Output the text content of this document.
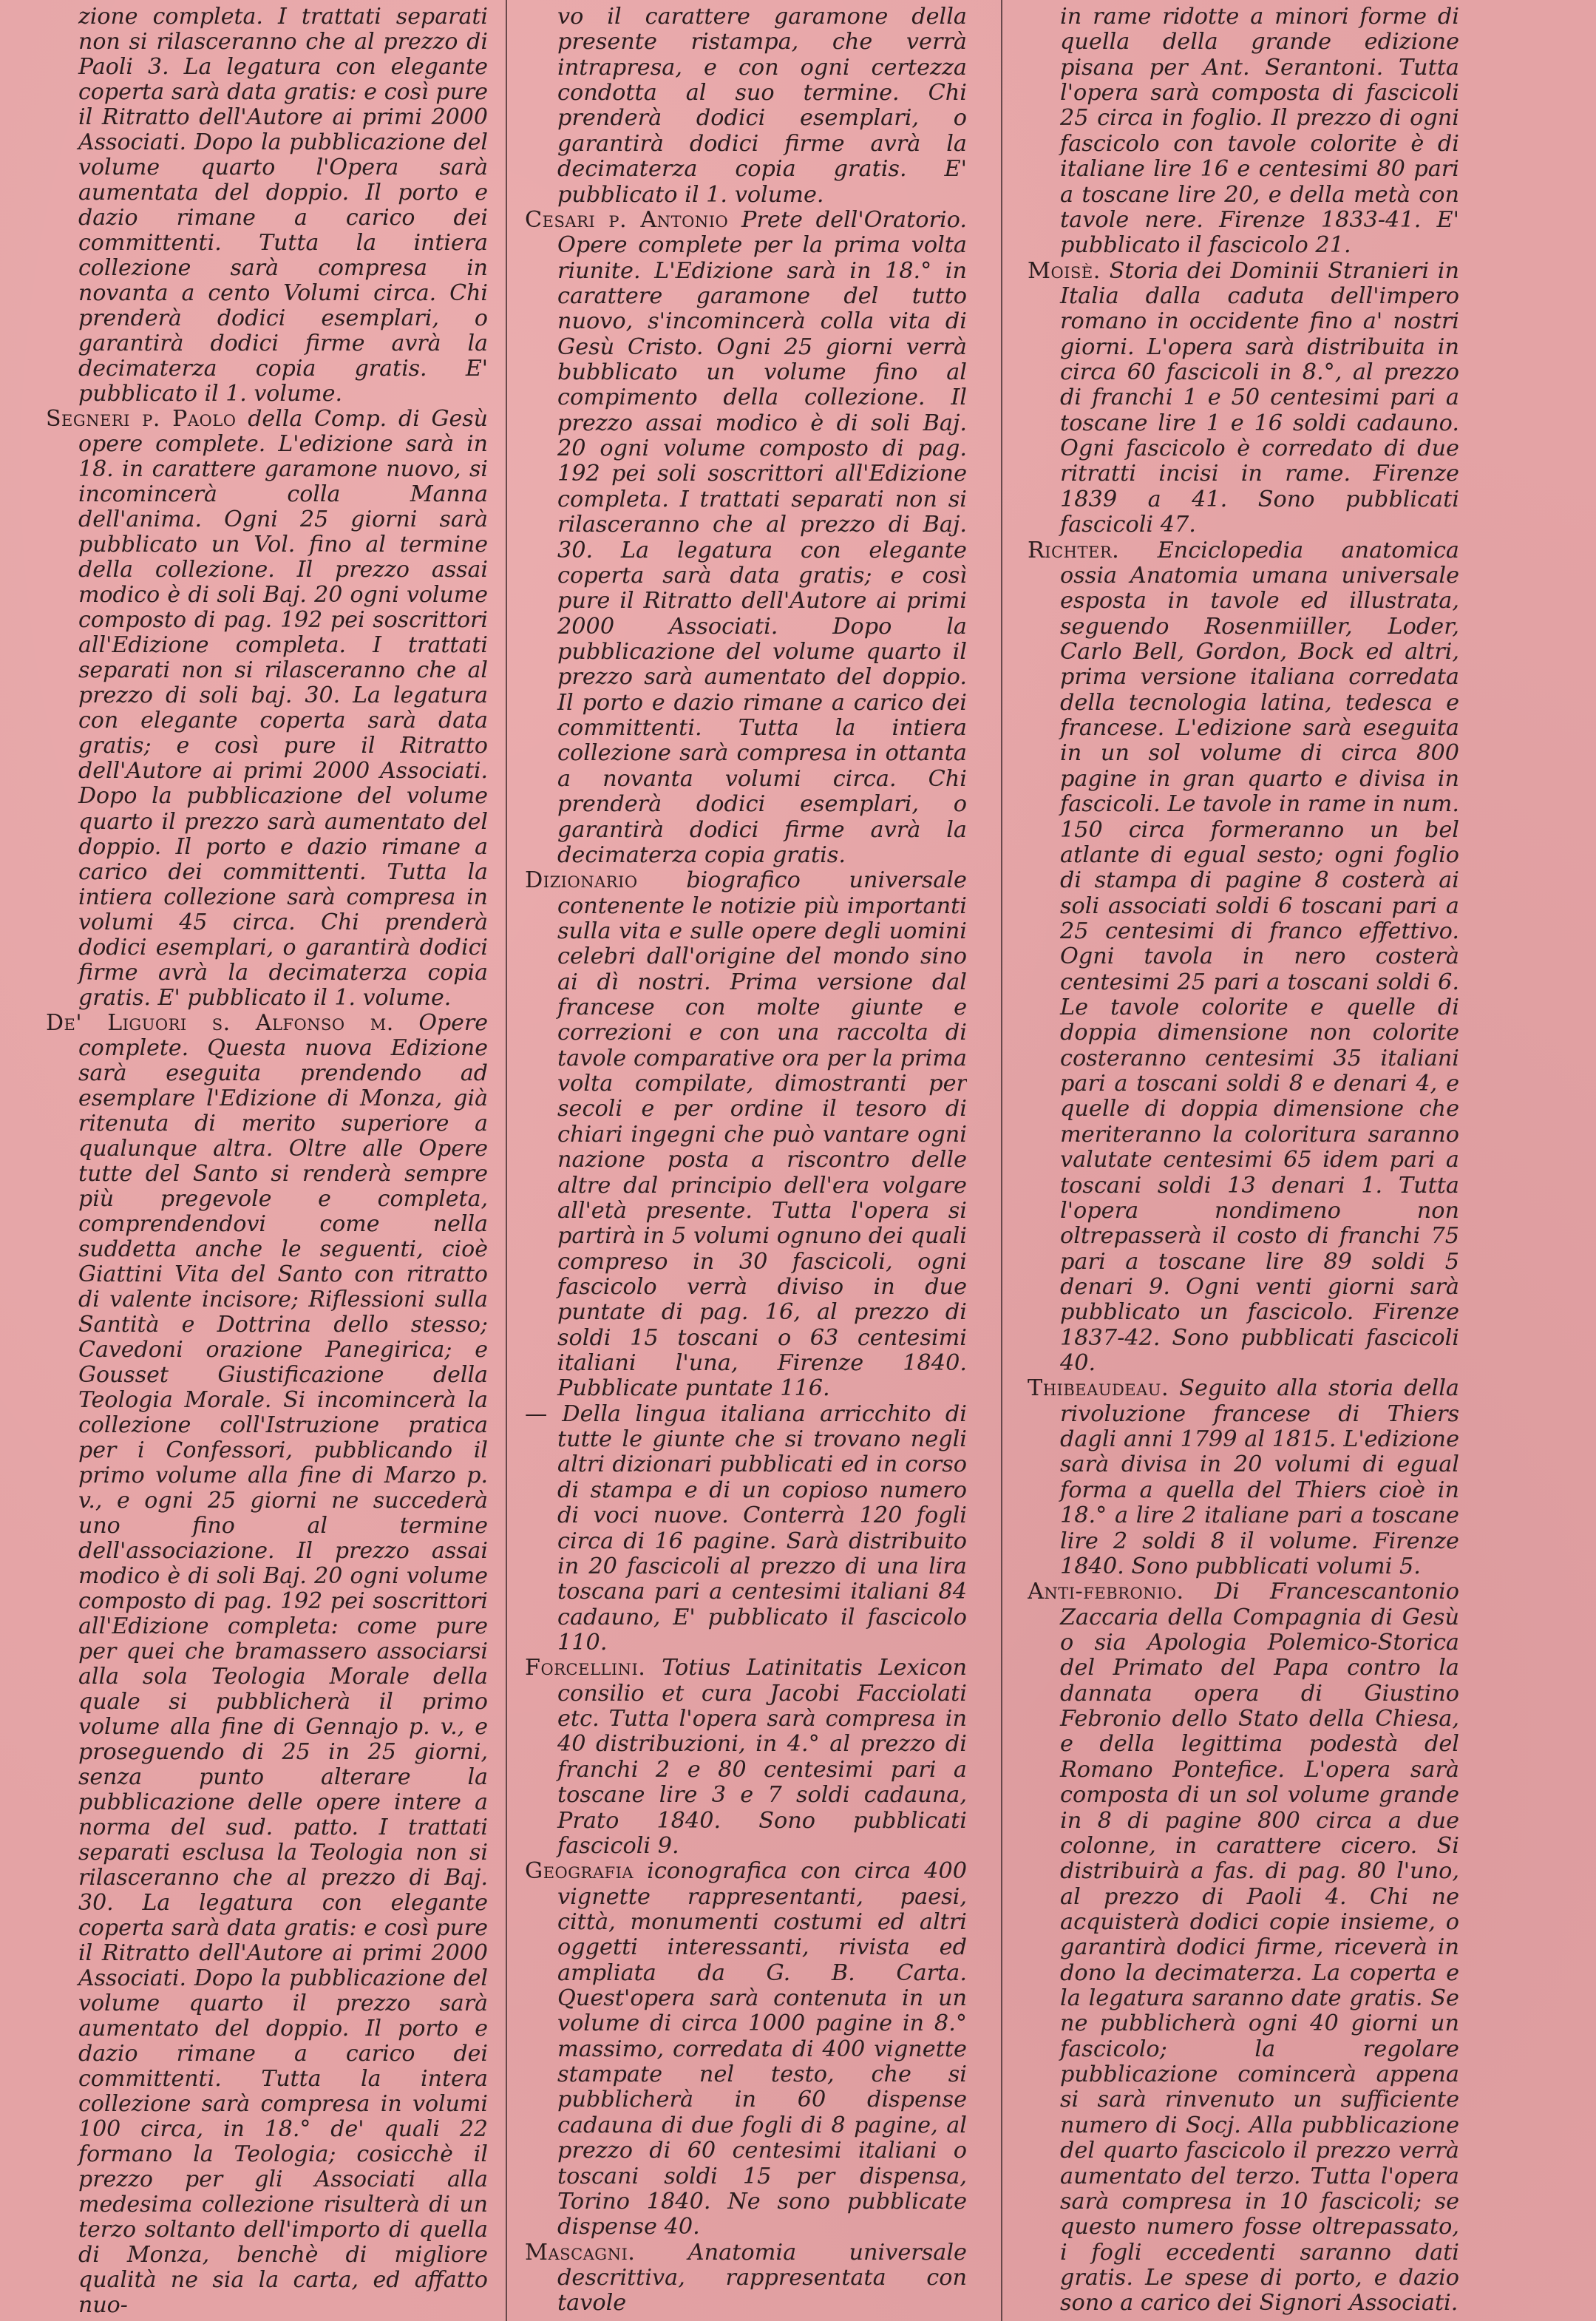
zione completa. I trattati separati non si rilasceranno che al prezzo di Paoli 3. La legatura con elegante coperta sarà data gratis: e così pure il Ritratto dell'Autore ai primi 2000 Associati. Dopo la pubblicazione del volume quarto l'Opera sarà aumentata del doppio. Il porto e dazio rimane a carico dei committenti. Tutta la intiera collezione sarà compresa in novanta a cento Volumi circa. Chi prenderà dodici esemplari, o garantirà dodici firme avrà la decimaterza copia gratis. E' pubblicato il 1. volume.

Segneri p. Paolo della Comp. di Gesù opere complete. L'edizione sarà in 18. in carattere garamone nuovo, si incomincerà colla Manna dell'anima. Ogni 25 giorni sarà pubblicato un Vol. fino al termine della collezione. Il prezzo assai modico è di soli Baj. 20 ogni volume composto di pag. 192 pei soscrittori all'Edizione completa. I trattati separati non si rilasceranno che al prezzo di soli baj. 30. La legatura con elegante coperta sarà data gratis; e così pure il Ritratto dell'Autore ai primi 2000 Associati. Dopo la pubblicazione del volume quarto il prezzo sarà aumentato del doppio. Il porto e dazio rimane a carico dei committenti. Tutta la intiera collezione sarà compresa in volumi 45 circa. Chi prenderà dodici esemplari, o garantirà dodici firme avrà la decimaterza copia gratis. E' pubblicato il 1. volume.

De' Liguori s. Alfonso m. Opere complete. Questa nuova Edizione sarà eseguita prendendo ad esemplare l'Edizione di Monza, già ritenuta di merito superiore a qualunque altra. Oltre alle Opere tutte del Santo si renderà sempre più pregevole e completa, comprendendovi come nella suddetta anche le seguenti, cioè Giattini Vita del Santo con ritratto di valente incisore; Riflessioni sulla Santità e Dottrina dello stesso; Cavedoni orazione Panegirica; e Gousset Giustificazione della Teologia Morale. Si incomincerà la collezione coll'Istruzione pratica per i Confessori, pubblicando il primo volume alla fine di Marzo p. v., e ogni 25 giorni ne succederà uno fino al termine dell'associazione. Il prezzo assai modico è di soli Baj. 20 ogni volume composto di pag. 192 pei soscrittori all'Edizione completa: come pure per quei che bramassero associarsi alla sola Teologia Morale della quale si pubblicherà il primo volume alla fine di Gennajo p. v., e proseguendo di 25 in 25 giorni, senza punto alterare la pubblicazione delle opere intere a norma del sud. patto. I trattati separati esclusa la Teologia non si rilasceranno che al prezzo di Baj. 30. La legatura con elegante coperta sarà data gratis: e così pure il Ritratto dell'Autore ai primi 2000 Associati. Dopo la pubblicazione del volume quarto il prezzo sarà aumentato del doppio. Il porto e dazio rimane a carico dei committenti. Tutta la intera collezione sarà compresa in volumi 100 circa, in 18.° de' quali 22 formano la Teologia; cosicchè il prezzo per gli Associati alla medesima collezione risulterà di un terzo soltanto dell'importo di quella di Monza, benchè di migliore qualità ne sia la carta, ed affatto nuo-

vo il carattere garamone della presente ristampa, che verrà intrapresa, e con ogni certezza condotta al suo termine. Chi prenderà dodici esemplari, o garantirà dodici firme avrà la decimaterza copia gratis. E' pubblicato il 1. volume.

Cesari p. Antonio Prete dell'Oratorio. Opere complete per la prima volta riunite. L'Edizione sarà in 18.° in carattere garamone del tutto nuovo, s'incomincerà colla vita di Gesù Cristo. Ogni 25 giorni verrà bubblicato un volume fino al compimento della collezione. Il prezzo assai modico è di soli Baj. 20 ogni volume composto di pag. 192 pei soli soscrittori all'Edizione completa. I trattati separati non si rilasceranno che al prezzo di Baj. 30. La legatura con elegante coperta sarà data gratis; e così pure il Ritratto dell'Autore ai primi 2000 Associati. Dopo la pubblicazione del volume quarto il prezzo sarà aumentato del doppio. Il porto e dazio rimane a carico dei committenti. Tutta la intiera collezione sarà compresa in ottanta a novanta volumi circa. Chi prenderà dodici esemplari, o garantirà dodici firme avrà la decimaterza copia gratis.

Dizionario biografico universale contenente le notizie più importanti sulla vita e sulle opere degli uomini celebri dall'origine del mondo sino ai dì nostri. Prima versione dal francese con molte giunte e correzioni e con una raccolta di tavole comparative ora per la prima volta compilate, dimostranti per secoli e per ordine il tesoro di chiari ingegni che può vantare ogni nazione posta a riscontro delle altre dal principio dell'era volgare all'età presente. Tutta l'opera si partirà in 5 volumi ognuno dei quali compreso in 30 fascicoli, ogni fascicolo verrà diviso in due puntate di pag. 16, al prezzo di soldi 15 toscani o 63 centesimi italiani l'una, Firenze 1840. Pubblicate puntate 116.

— Della lingua italiana arricchito di tutte le giunte che si trovano negli altri dizionari pubblicati ed in corso di stampa e di un copioso numero di voci nuove. Conterrà 120 fogli circa di 16 pagine. Sarà distribuito in 20 fascicoli al prezzo di una lira toscana pari a centesimi italiani 84 cadauno, E' pubblicato il fascicolo 110.

Forcellini. Totius Latinitatis Lexicon consilio et cura Jacobi Facciolati etc. Tutta l'opera sarà compresa in 40 distribuzioni, in 4.° al prezzo di franchi 2 e 80 centesimi pari a toscane lire 3 e 7 soldi cadauna, Prato 1840. Sono pubblicati fascicoli 9.

Geografia iconografica con circa 400 vignette rappresentanti, paesi, città, monumenti costumi ed altri oggetti interessanti, rivista ed ampliata da G. B. Carta. Quest'opera sarà contenuta in un volume di circa 1000 pagine in 8.° massimo, corredata di 400 vignette stampate nel testo, che si pubblicherà in 60 dispense cadauna di due fogli di 8 pagine, al prezzo di 60 centesimi italiani o toscani soldi 15 per dispensa, Torino 1840. Ne sono pubblicate dispense 40.

Mascagni. Anatomia universale descrittiva, rappresentata con tavole

in rame ridotte a minori forme di quella della grande edizione pisana per Ant. Serantoni. Tutta l'opera sarà composta di fascicoli 25 circa in foglio. Il prezzo di ogni fascicolo con tavole colorite è di italiane lire 16 e centesimi 80 pari a toscane lire 20, e della metà con tavole nere. Firenze 1833-41. E' pubblicato il fascicolo 21.

Moisè. Storia dei Dominii Stranieri in Italia dalla caduta dell'impero romano in occidente fino a' nostri giorni. L'opera sarà distribuita in circa 60 fascicoli in 8.°, al prezzo di franchi 1 e 50 centesimi pari a toscane lire 1 e 16 soldi cadauno. Ogni fascicolo è corredato di due ritratti incisi in rame. Firenze 1839 a 41. Sono pubblicati fascicoli 47.

Richter. Enciclopedia anatomica ossia Anatomia umana universale esposta in tavole ed illustrata, seguendo Rosenmiiller, Loder, Carlo Bell, Gordon, Bock ed altri, prima versione italiana corredata della tecnologia latina, tedesca e francese. L'edizione sarà eseguita in un sol volume di circa 800 pagine in gran quarto e divisa in fascicoli. Le tavole in rame in num. 150 circa formeranno un bel atlante di egual sesto; ogni foglio di stampa di pagine 8 costerà ai soli associati soldi 6 toscani pari a 25 centesimi di franco effettivo. Ogni tavola in nero costerà centesimi 25 pari a toscani soldi 6. Le tavole colorite e quelle di doppia dimensione non colorite costeranno centesimi 35 italiani pari a toscani soldi 8 e denari 4, e quelle di doppia dimensione che meriteranno la coloritura saranno valutate centesimi 65 idem pari a toscani soldi 13 denari 1. Tutta l'opera nondimeno non oltrepasserà il costo di franchi 75 pari a toscane lire 89 soldi 5 denari 9. Ogni venti giorni sarà pubblicato un fascicolo. Firenze 1837-42. Sono pubblicati fascicoli 40.

Thibeaudeau. Seguito alla storia della rivoluzione francese di Thiers dagli anni 1799 al 1815. L'edizione sarà divisa in 20 volumi di egual forma a quella del Thiers cioè in 18.° a lire 2 italiane pari a toscane lire 2 soldi 8 il volume. Firenze 1840. Sono pubblicati volumi 5.

Anti-febronio. Di Francescantonio Zaccaria della Compagnia di Gesù o sia Apologia Polemico-Storica del Primato del Papa contro la dannata opera di Giustino Febronio dello Stato della Chiesa, e della legittima podestà del Romano Pontefice. L'opera sarà composta di un sol volume grande in 8 di pagine 800 circa a due colonne, in carattere cicero. Si distribuirà a fas. di pag. 80 l'uno, al prezzo di Paoli 4. Chi ne acquisterà dodici copie insieme, o garantirà dodici firme, riceverà in dono la decimaterza. La coperta e la legatura saranno date gratis. Se ne pubblicherà ogni 40 giorni un fascicolo; la regolare pubblicazione comincerà appena si sarà rinvenuto un sufficiente numero di Socj. Alla pubblicazione del quarto fascicolo il prezzo verrà aumentato del terzo. Tutta l'opera sarà compresa in 10 fascicoli; se questo numero fosse oltrepassato, i fogli eccedenti saranno dati gratis. Le spese di porto, e dazio sono a carico dei Signori Associati.
